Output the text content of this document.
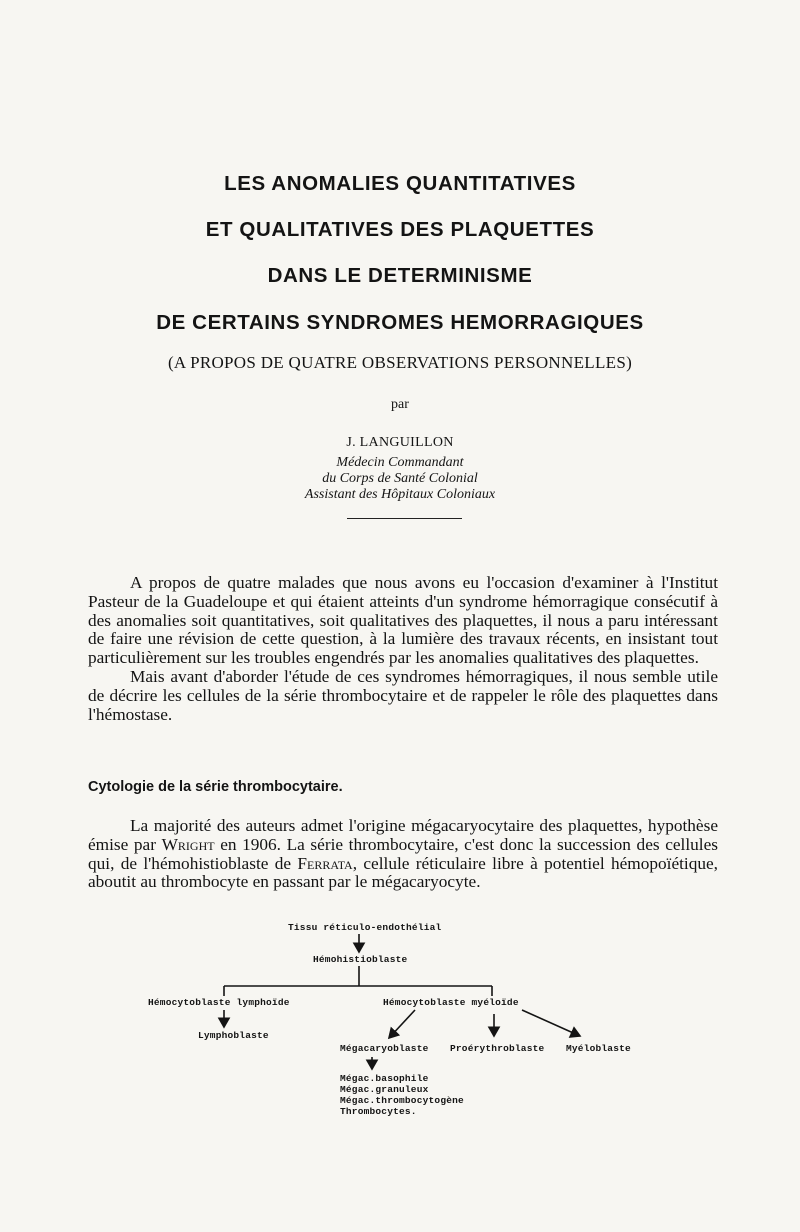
LES ANOMALIES QUANTITATIVES
ET QUALITATIVES DES PLAQUETTES
DANS LE DETERMINISME
DE CERTAINS SYNDROMES HEMORRAGIQUES
(A PROPOS DE QUATRE OBSERVATIONS PERSONNELLES)
par
J. LANGUILLON
Médecin Commandant
du Corps de Santé Colonial
Assistant des Hôpitaux Coloniaux

A propos de quatre malades que nous avons eu l'occasion d'examiner à l'Institut Pasteur de la Guadeloupe et qui étaient atteints d'un syndrome hémorragique consécutif à des anomalies soit quantitatives, soit qualitatives des plaquettes, il nous a paru intéressant de faire une révision de cette question, à la lumière des travaux récents, en insistant tout particulièrement sur les troubles engendrés par les anomalies qualitatives des plaquettes.

Mais avant d'aborder l'étude de ces syndromes hémorragiques, il nous semble utile de décrire les cellules de la série thrombocytaire et de rappeler le rôle des plaquettes dans l'hémostase.

Cytologie de la série thrombocytaire.

La majorité des auteurs admet l'origine mégacaryocytaire des plaquettes, hypothèse émise par Wright en 1906. La série thrombocytaire, c'est donc la succession des cellules qui, de l'hémohistioblaste de Ferrata, cellule réticulaire libre à potentiel hémopoïétique, aboutit au thrombocyte en passant par le mégacaryocyte.

Tissu réticulo-endothélial
Hémohistioblaste
Hémocytoblaste lymphoïde
Lymphoblaste
Hémocytoblaste myéloïde
Mégacaryoblaste Proérythroblaste Myéloblaste
Mégac.basophile
Mégac.granuleux
Mégac.thrombocytogène
Thrombocytes.
